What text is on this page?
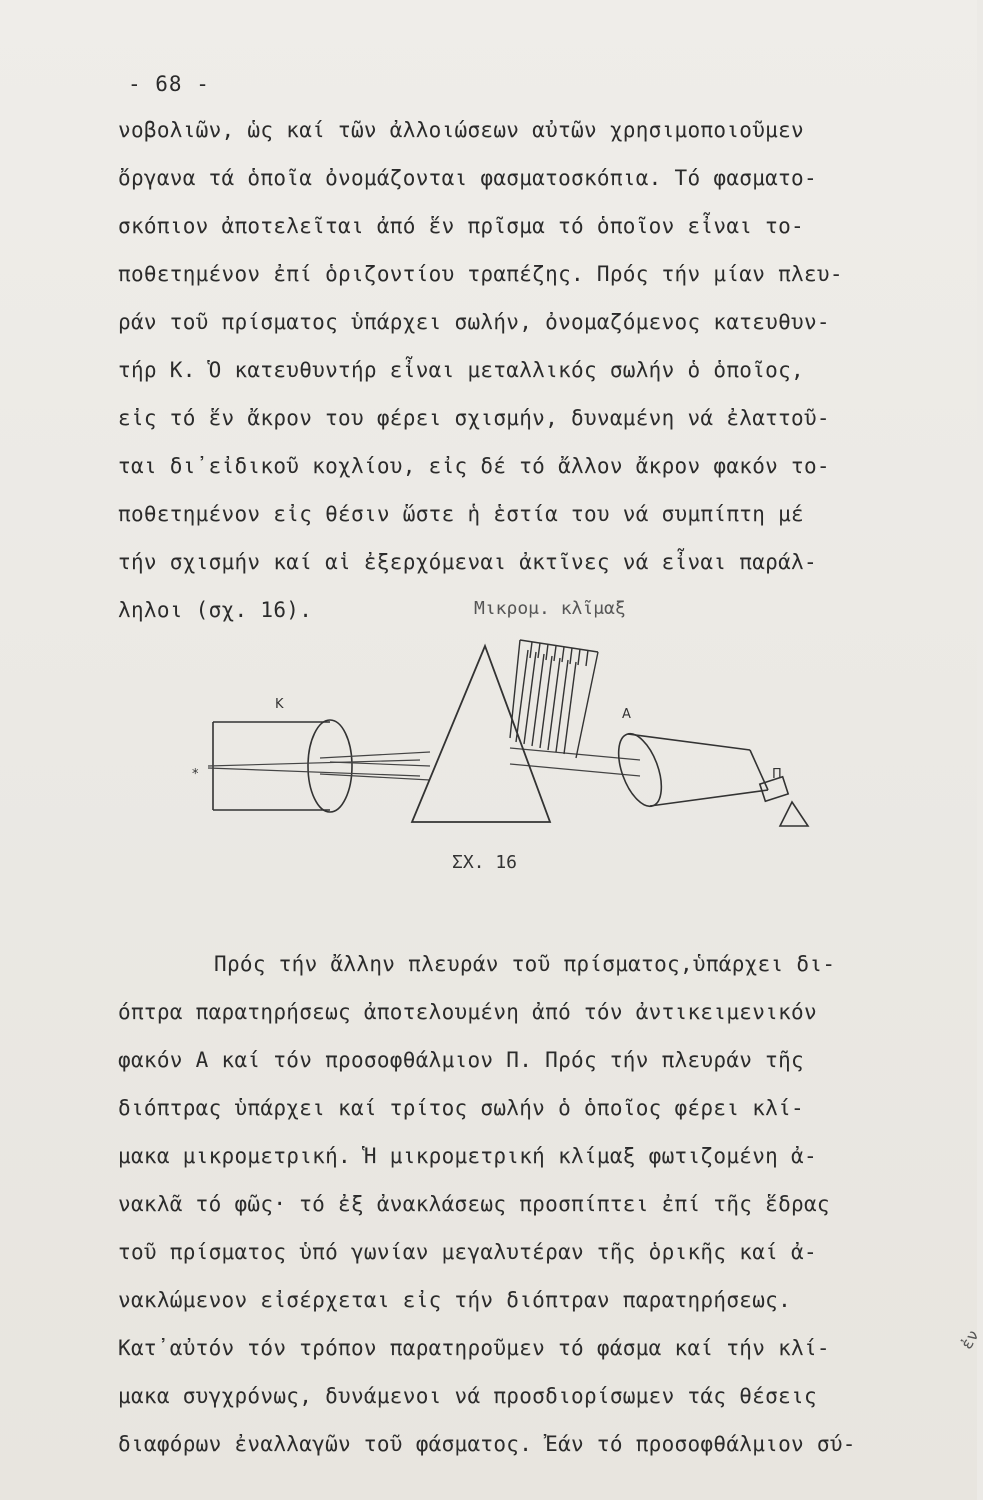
- 68 -
νοβολιῶν, ὡς καί τῶν ἀλλοιώσεων αὐτῶν χρησιμοποιοῦμεν
ὄργανα τά ὁποῖα ὀνομάζονται φασματοσκόπια. Τό φασματο-
σκόπιον ἀποτελεῖται ἀπό ἕν πρῖσμα τό ὁποῖον εἶναι το-
ποθετημένον ἐπί ὁριζοντίου τραπέζης. Πρός τήν μίαν πλευ-
ράν τοῦ πρίσματος ὑπάρχει σωλήν, ὀνομαζόμενος κατευθυν-
τήρ Κ. Ὁ κατευθυντήρ εἶναι μεταλλικός σωλήν ὁ ὁποῖος,
εἰς τό ἕν ἄκρον του φέρει σχισμήν, δυναμένη νά ἐλαττοῦ-
ται δι᾽εἰδικοῦ κοχλίου, εἰς δέ τό ἄλλον ἄκρον φακόν το-
ποθετημένον εἰς θέσιν ὥστε ἡ ἑστία του νά συμπίπτη μέ
τήν σχισμήν καί αἱ ἐξερχόμεναι ἀκτῖνες νά εἶναι παράλ-
ληλοι (σχ. 16).	Μικρομ. κλῖμαξ
Κ
*
Α
Π
ΣΧ. 16
Πρός τήν ἄλλην πλευράν τοῦ πρίσματος,ὑπάρχει δι-
όπτρα παρατηρήσεως ἀποτελουμένη ἀπό τόν ἀντικειμενικόν
φακόν Α καί τόν προσοφθάλμιον Π. Πρός τήν πλευράν τῆς
διόπτρας ὑπάρχει καί τρίτος σωλήν ὁ ὁποῖος φέρει κλί-
μακα μικρομετρική. Ἡ μικρομετρική κλίμαξ φωτιζομένη ἀ-
νακλᾶ τό φῶς· τό ἐξ ἀνακλάσεως προσπίπτει ἐπί τῆς ἕδρας
τοῦ πρίσματος ὑπό γωνίαν μεγαλυτέραν τῆς ὁρικῆς καί ἀ-
νακλώμενον εἰσέρχεται εἰς τήν διόπτραν παρατηρήσεως.
Κατ᾽αὐτόν τόν τρόπον παρατηροῦμεν τό φάσμα καί τήν κλί-
μακα συγχρόνως, δυνάμενοι νά προσδιορίσωμεν τάς θέσεις
διαφόρων ἐναλλαγῶν τοῦ φάσματος. Ἐάν τό προσοφθάλμιον σύ-
ἐν
